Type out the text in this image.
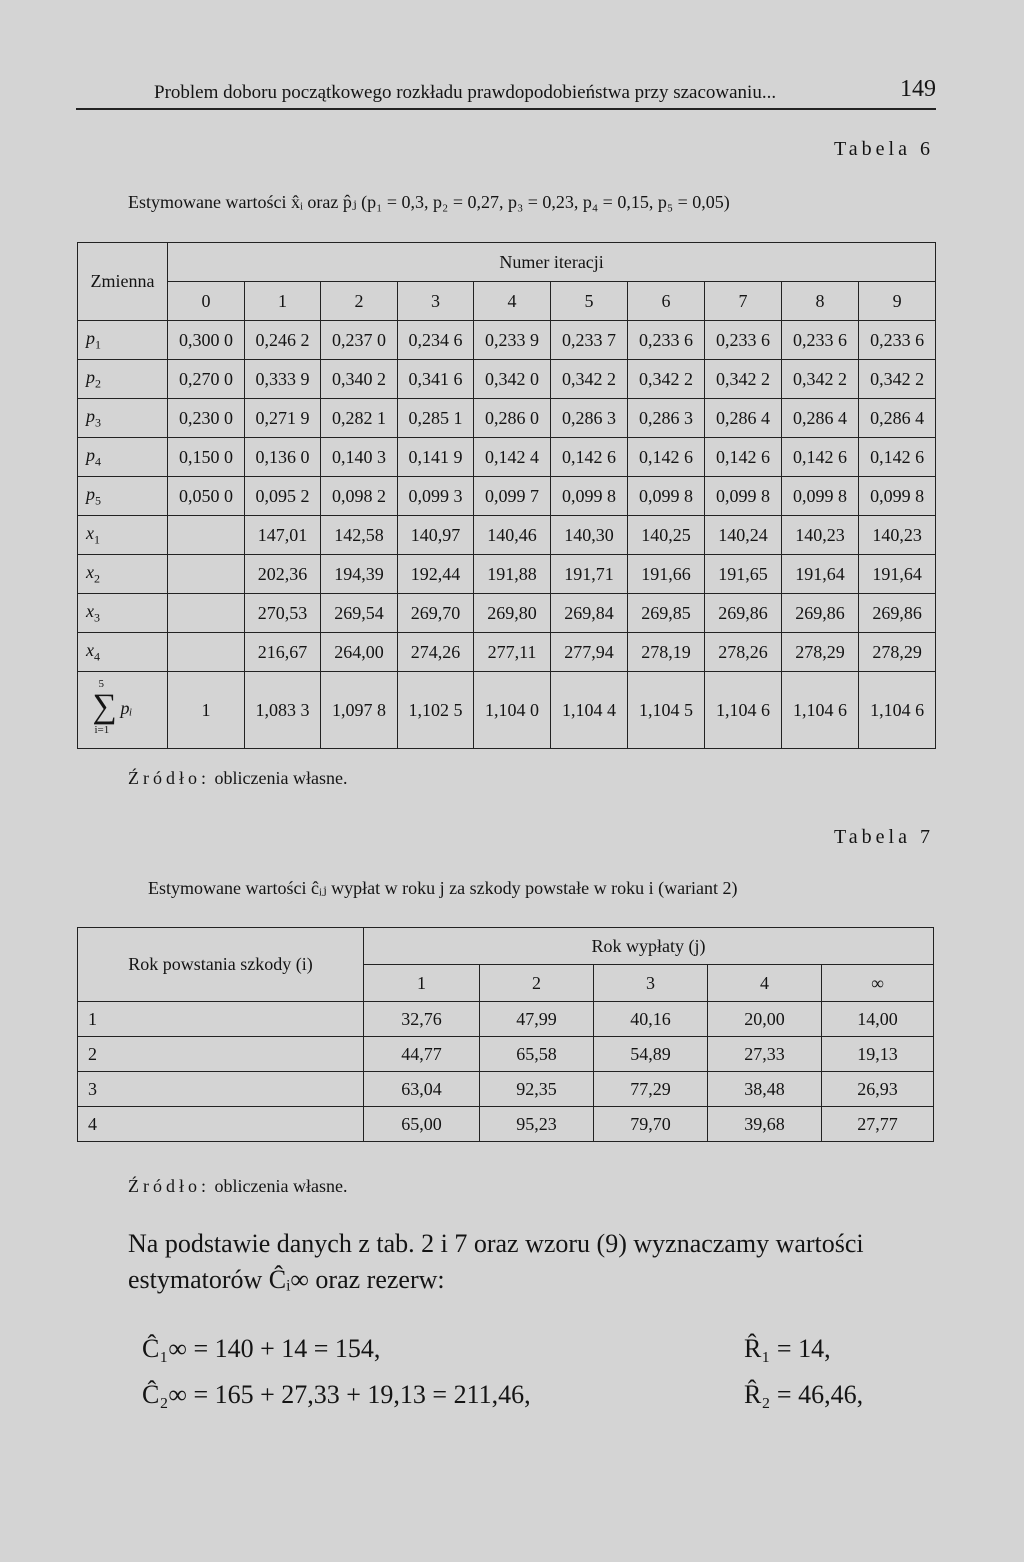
Problem doboru początkowego rozkładu prawdopodobieństwa przy szacowaniu...	149
Tabela 6
Estymowane wartości x̂ᵢ oraz p̂ⱼ (p₁ = 0,3, p₂ = 0,27, p₃ = 0,23, p₄ = 0,15, p₅ = 0,05)
Zmienna	Numer iteracji									
	0	1	2	3	4	5	6	7	8	9
$p_1$	0,300 0	0,246 2	0,237 0	0,234 6	0,233 9	0,233 7	0,233 6	0,233 6	0,233 6	0,233 6
$p_2$	0,270 0	0,333 9	0,340 2	0,341 6	0,342 0	0,342 2	0,342 2	0,342 2	0,342 2	0,342 2
$p_3$	0,230 0	0,271 9	0,282 1	0,285 1	0,286 0	0,286 3	0,286 3	0,286 4	0,286 4	0,286 4
$p_4$	0,150 0	0,136 0	0,140 3	0,141 9	0,142 4	0,142 6	0,142 6	0,142 6	0,142 6	0,142 6
$p_5$	0,050 0	0,095 2	0,098 2	0,099 3	0,099 7	0,099 8	0,099 8	0,099 8	0,099 8	0,099 8
$x_1$		147,01	142,58	140,97	140,46	140,30	140,25	140,24	140,23	140,23
$x_2$		202,36	194,39	192,44	191,88	191,71	191,66	191,65	191,64	191,64
$x_3$		270,53	269,54	269,70	269,80	269,84	269,85	269,86	269,86	269,86
$x_4$		216,67	264,00	274,26	277,11	277,94	278,19	278,26	278,29	278,29

5
∑ pᵢ
i=1	1	1,083 3	1,097 8	1,102 5	1,104 0	1,104 4	1,104 5	1,104 6	1,104 6	1,104 6
Źródło: obliczenia własne.
Tabela 7
Estymowane wartości ĉᵢⱼ wypłat w roku j za szkody powstałe w roku i (wariant 2)
Rok powstania szkody (i)	Rok wypłaty (j)				
	1	2	3	4	∞
1	32,76	47,99	40,16	20,00	14,00
2	44,77	65,58	54,89	27,33	19,13
3	63,04	92,35	77,29	38,48	26,93
4	65,00	95,23	79,70	39,68	27,77
Źródło: obliczenia własne.
Na podstawie danych z tab. 2 i 7 oraz wzoru (9) wyznaczamy wartości estymatorów Ĉᵢ∞ oraz rezerw:
Ĉ₁∞ = 140 + 14 = 154,	R̂₁ = 14,
Ĉ₂∞ = 165 + 27,33 + 19,13 = 211,46,	R̂₂ = 46,46,
